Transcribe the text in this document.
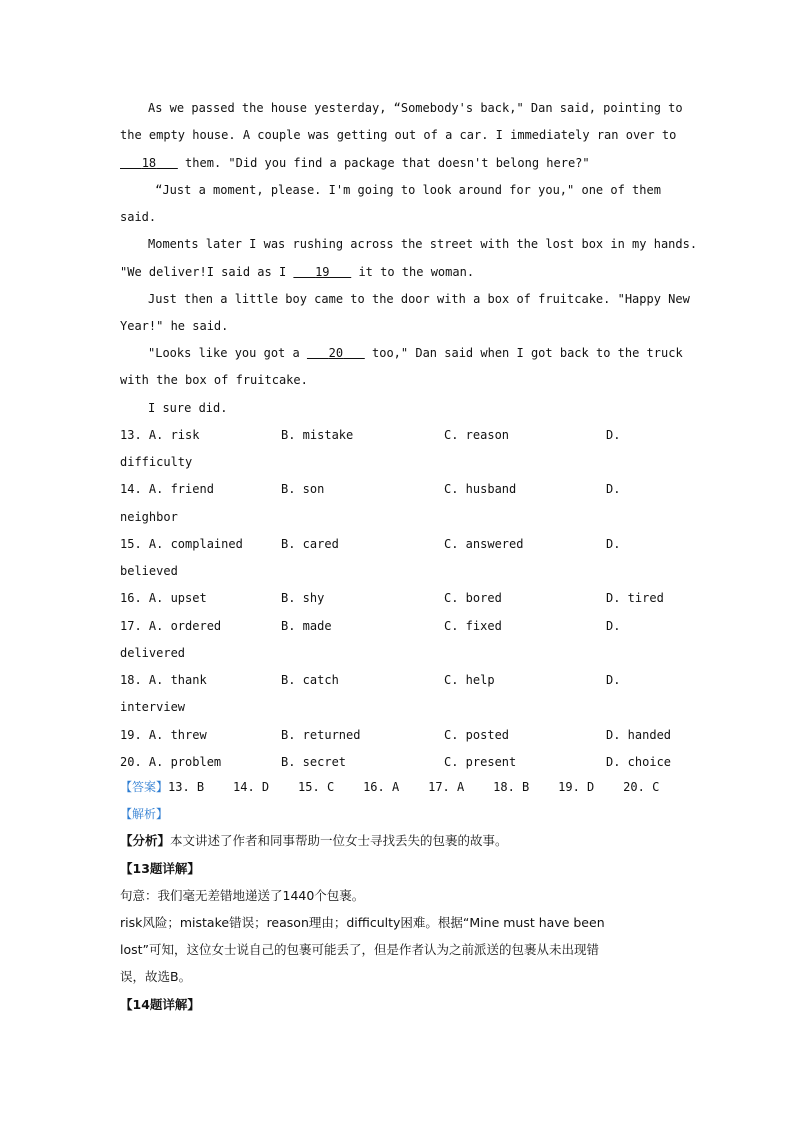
As we passed the house yesterday, “Somebody's back," Dan said, pointing to
the empty house. A couple was getting out of a car. I immediately ran over to
18    them. "Did you find a package that doesn't belong here?"
“Just a moment, please. I'm going to look around for you," one of them
said.
Moments later I was rushing across the street with the lost box in my hands.
"We deliver!I said as I    19    it to the woman.
Just then a little boy came to the door with a box of fruitcake. "Happy New
Year!" he said.
"Looks like you got a    20    too," Dan said when I got back to the truck
with the box of fruitcake.
I sure did.
13. A. risk	B. mistake	C. reason	D.
difficulty
14. A. friend	B. son	C. husband	D.
neighbor
15. A. complained	B. cared	C. answered	D.
believed
16. A. upset	B. shy	C. bored	D. tired
17. A. ordered	B. made	C. fixed	D.
delivered
18. A. thank	B. catch	C. help	D.
interview
19. A. threw	B. returned	C. posted	D. handed
20. A. problem	B. secret	C. present	D. choice
【答案】13. B    14. D    15. C    16. A    17. A    18. B    19. D    20. C
【解析】
【分析】本文讲述了作者和同事帮助一位女士寻找丢失的包裹的故事。
【13题详解】
句意：我们毫无差错地递送了1440个包裹。
risk风险；mistake错误；reason理由；difficulty困难。根据“Mine must have been
lost”可知，这位女士说自己的包裹可能丢了，但是作者认为之前派送的包裹从未出现错
误，故选B。
【14题详解】
